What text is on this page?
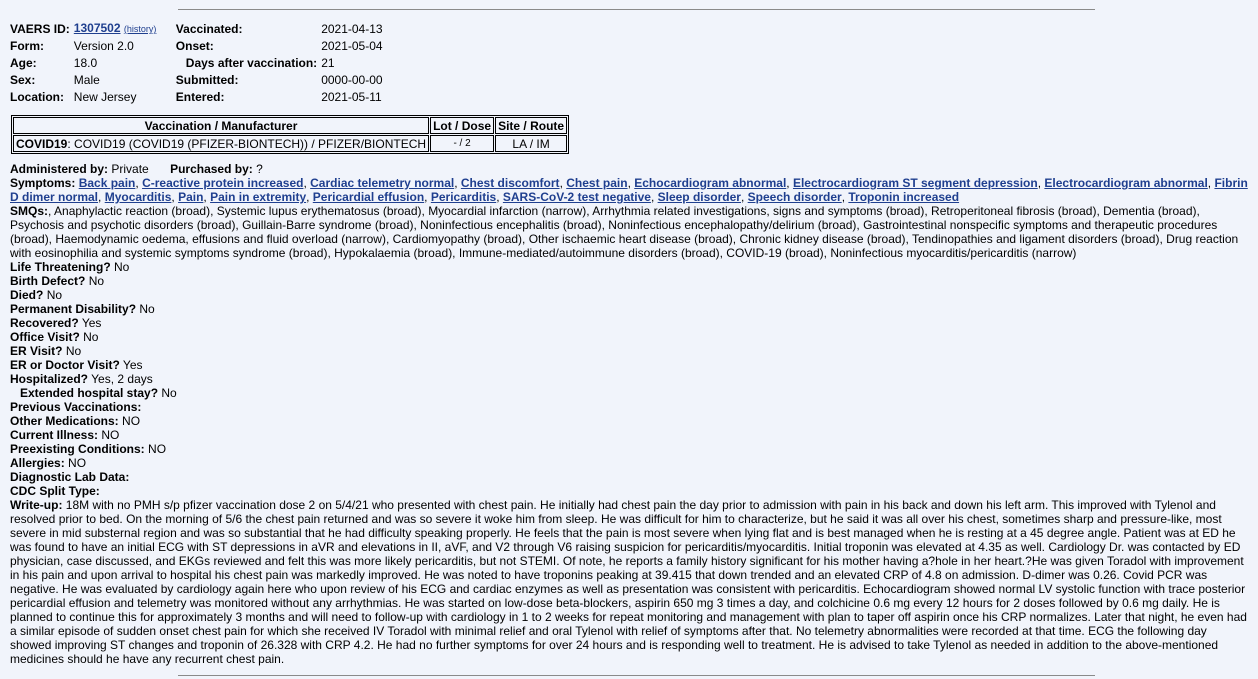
VAERS ID:	1307502 (history)	Vaccinated:	2021-04-13
Form:	Version 2.0	Onset:	2021-05-04
Age:	18.0	Days after vaccination:	21
Sex:	Male	Submitted:	0000-00-00
Location:	New Jersey	Entered:	2021-05-11
Vaccination / Manufacturer	Lot / Dose	Site / Route
COVID19: COVID19 (COVID19 (PFIZER-BIONTECH)) / PFIZER/BIONTECH	- / 2	LA / IM
Administered by: Private Purchased by: ?
Symptoms: Back pain, C-reactive protein increased, Cardiac telemetry normal, Chest discomfort, Chest pain, Echocardiogram abnormal, Electrocardiogram ST segment depression, Electrocardiogram abnormal, Fibrin D dimer normal, Myocarditis, Pain, Pain in extremity, Pericardial effusion, Pericarditis, SARS-CoV-2 test negative, Sleep disorder, Speech disorder, Troponin increased
SMQs:, Anaphylactic reaction (broad), Systemic lupus erythematosus (broad), Myocardial infarction (narrow), Arrhythmia related investigations, signs and symptoms (broad), Retroperitoneal fibrosis (broad), Dementia (broad), Psychosis and psychotic disorders (broad), Guillain-Barre syndrome (broad), Noninfectious encephalitis (broad), Noninfectious encephalopathy/delirium (broad), Gastrointestinal nonspecific symptoms and therapeutic procedures (broad), Haemodynamic oedema, effusions and fluid overload (narrow), Cardiomyopathy (broad), Other ischaemic heart disease (broad), Chronic kidney disease (broad), Tendinopathies and ligament disorders (broad), Drug reaction with eosinophilia and systemic symptoms syndrome (broad), Hypokalaemia (broad), Immune-mediated/autoimmune disorders (broad), COVID-19 (broad), Noninfectious myocarditis/pericarditis (narrow)
Life Threatening? No
Birth Defect? No
Died? No
Permanent Disability? No
Recovered? Yes
Office Visit? No
ER Visit? No
ER or Doctor Visit? Yes
Hospitalized? Yes, 2 days
Extended hospital stay? No
Previous Vaccinations:
Other Medications: NO
Current Illness: NO
Preexisting Conditions: NO
Allergies: NO
Diagnostic Lab Data:
CDC Split Type:
Write-up: 18M with no PMH s/p pfizer vaccination dose 2 on 5/4/21 who presented with chest pain. He initially had chest pain the day prior to admission with pain in his back and down his left arm. This improved with Tylenol and resolved prior to bed. On the morning of 5/6 the chest pain returned and was so severe it woke him from sleep. He was difficult for him to characterize, but he said it was all over his chest, sometimes sharp and pressure-like, most severe in mid substernal region and was so substantial that he had difficulty speaking properly. He feels that the pain is most severe when lying flat and is best managed when he is resting at a 45 degree angle. Patient was at ED he was found to have an initial ECG with ST depressions in aVR and elevations in II, aVF, and V2 through V6 raising suspicion for pericarditis/myocarditis. Initial troponin was elevated at 4.35 as well. Cardiology Dr. was contacted by ED physician, case discussed, and EKGs reviewed and felt this was more likely pericarditis, but not STEMI. Of note, he reports a family history significant for his mother having a?hole in her heart.?He was given Toradol with improvement in his pain and upon arrival to hospital his chest pain was markedly improved. He was noted to have troponins peaking at 39.415 that down trended and an elevated CRP of 4.8 on admission. D-dimer was 0.26. Covid PCR was negative. He was evaluated by cardiology again here who upon review of his ECG and cardiac enzymes as well as presentation was consistent with pericarditis. Echocardiogram showed normal LV systolic function with trace posterior pericardial effusion and telemetry was monitored without any arrhythmias. He was started on low-dose beta-blockers, aspirin 650 mg 3 times a day, and colchicine 0.6 mg every 12 hours for 2 doses followed by 0.6 mg daily. He is planned to continue this for approximately 3 months and will need to follow-up with cardiology in 1 to 2 weeks for repeat monitoring and management with plan to taper off aspirin once his CRP normalizes. Later that night, he even had a similar episode of sudden onset chest pain for which she received IV Toradol with minimal relief and oral Tylenol with relief of symptoms after that. No telemetry abnormalities were recorded at that time. ECG the following day showed improving ST changes and troponin of 26.328 with CRP 4.2. He had no further symptoms for over 24 hours and is responding well to treatment. He is advised to take Tylenol as needed in addition to the above-mentioned medicines should he have any recurrent chest pain.
